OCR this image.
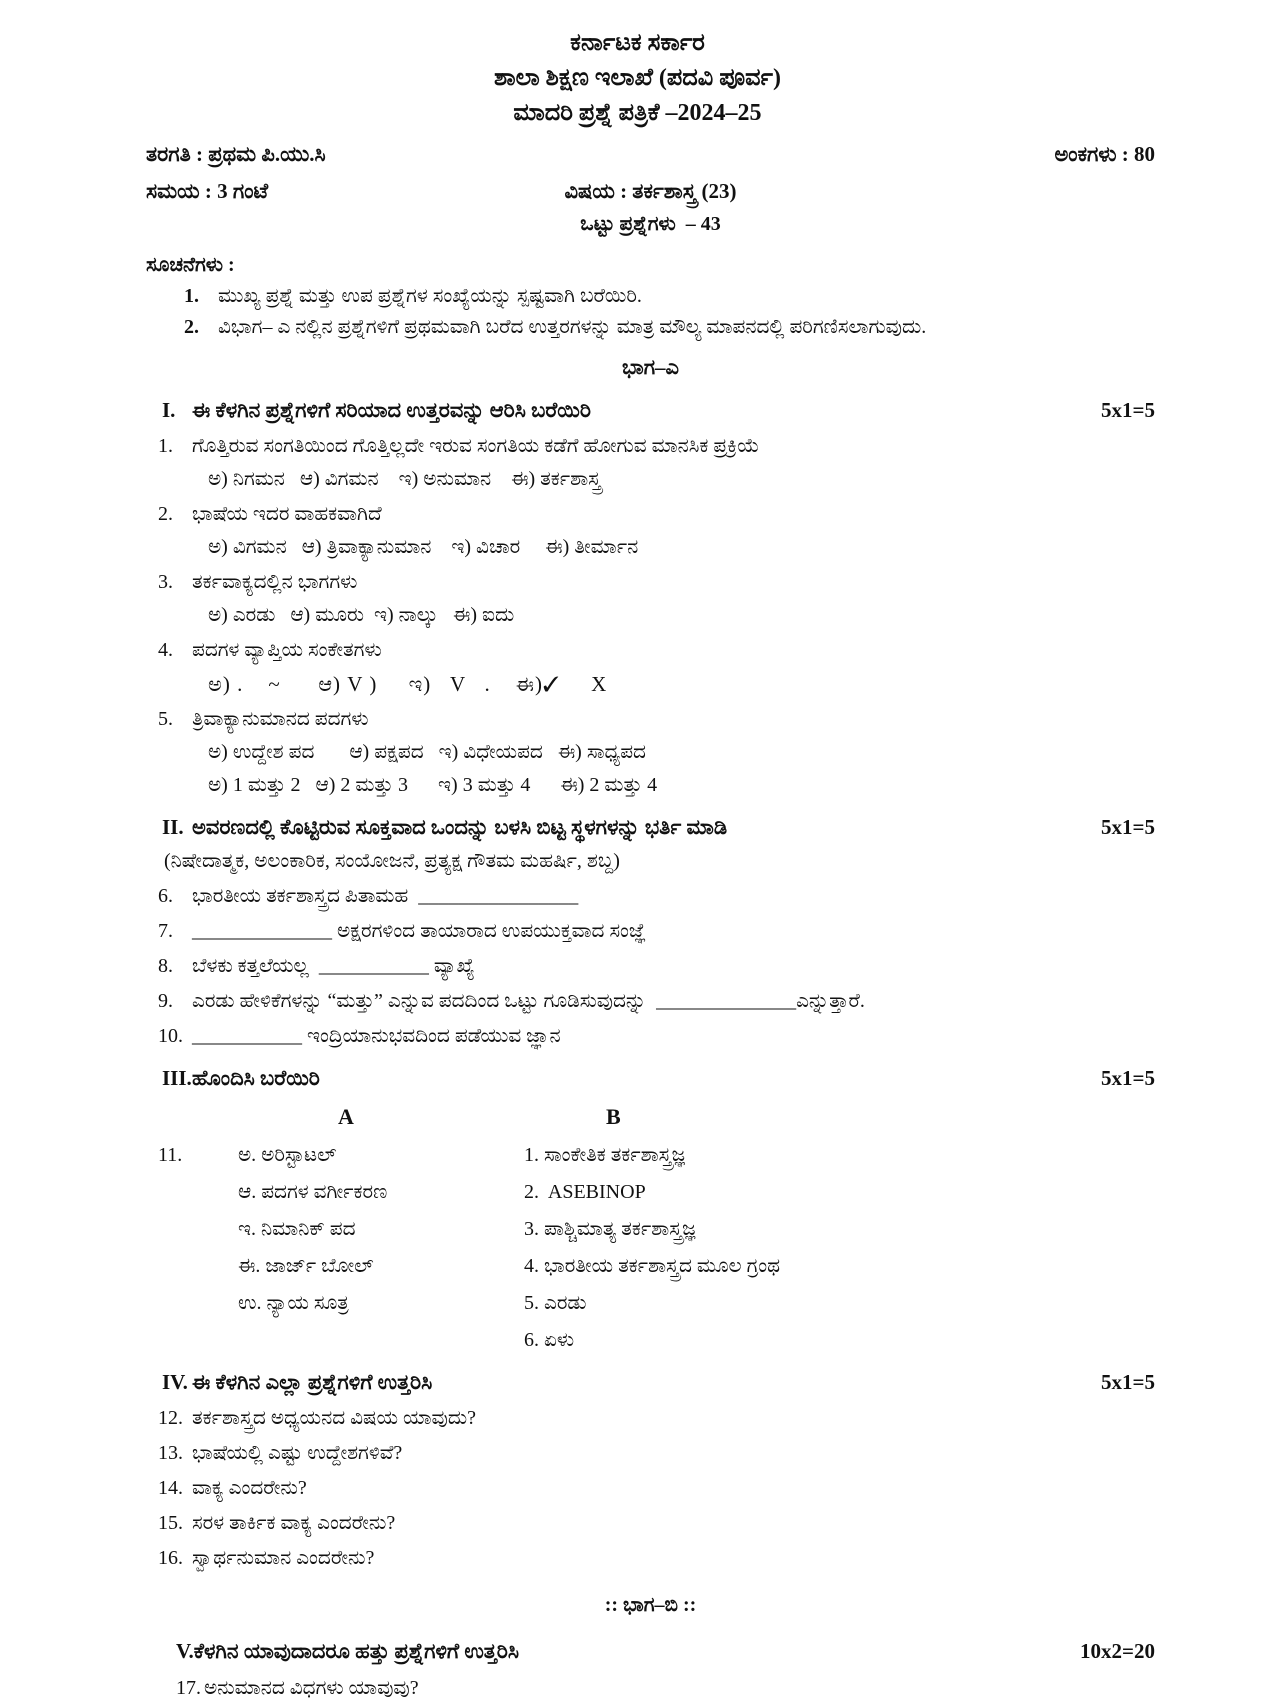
ಕರ್ನಾಟಕ ಸರ್ಕಾರ
ಶಾಲಾ ಶಿಕ್ಷಣ ಇಲಾಖೆ (ಪದವಿ ಪೂರ್ವ)
ಮಾದರಿ ಪ್ರಶ್ನೆ ಪತ್ರಿಕೆ –2024–25
ತರಗತಿ : ಪ್ರಥಮ ಪಿ.ಯು.ಸಿ	ಅಂಕಗಳು : 80
ಸಮಯ : 3 ಗಂಟೆ	ವಿಷಯ : ತರ್ಕಶಾಸ್ತ್ರ (23)
ಒಟ್ಟು ಪ್ರಶ್ನೆಗಳು  – 43
ಸೂಚನೆಗಳು :
1. ಮುಖ್ಯ ಪ್ರಶ್ನೆ ಮತ್ತು ಉಪ ಪ್ರಶ್ನೆಗಳ ಸಂಖ್ಯೆಯನ್ನು ಸ್ಪಷ್ಟವಾಗಿ ಬರೆಯಿರಿ.
2. ವಿಭಾಗ– ಎ ನಲ್ಲಿನ ಪ್ರಶ್ನೆಗಳಿಗೆ ಪ್ರಥಮವಾಗಿ ಬರೆದ ಉತ್ತರಗಳನ್ನು ಮಾತ್ರ ಮೌಲ್ಯ ಮಾಪನದಲ್ಲಿ ಪರಿಗಣಿಸಲಾಗುವುದು.
ಭಾಗ–ಎ
I. ಈ ಕೆಳಗಿನ ಪ್ರಶ್ನೆಗಳಿಗೆ ಸರಿಯಾದ ಉತ್ತರವನ್ನು ಆರಿಸಿ ಬರೆಯಿರಿ	5x1=5
1. ಗೊತ್ತಿರುವ ಸಂಗತಿಯಿಂದ ಗೊತ್ತಿಲ್ಲದೇ ಇರುವ ಸಂಗತಿಯ ಕಡೆಗೆ ಹೋಗುವ ಮಾನಸಿಕ ಪ್ರಕ್ರಿಯೆ
ಅ) ನಿಗಮನ   ಆ) ವಿಗಮನ    ಇ) ಅನುಮಾನ    ಈ) ತರ್ಕಶಾಸ್ತ್ರ
2. ಭಾಷೆಯ ಇದರ ವಾಹಕವಾಗಿದೆ
ಅ) ವಿಗಮನ   ಆ) ತ್ರಿವಾಕ್ಯಾನುಮಾನ    ಇ) ವಿಚಾರ     ಈ) ತೀರ್ಮಾನ
3. ತರ್ಕವಾಕ್ಯದಲ್ಲಿನ ಭಾಗಗಳು
ಅ) ಎರಡು   ಆ) ಮೂರು  ಇ) ನಾಲ್ಕು   ಈ) ಐದು
4. ಪದಗಳ ವ್ಯಾಪ್ತಿಯ ಸಂಕೇತಗಳು
ಅ) .    ~      ಆ) V )     ಇ)   V   .    ಈ)✓     X
5. ತ್ರಿವಾಕ್ಯಾನುಮಾನದ ಪದಗಳು
ಅ) ಉದ್ದೇಶ ಪದ       ಆ) ಪಕ್ಷಪದ   ಇ) ವಿಧೇಯಪದ   ಈ) ಸಾಧ್ಯಪದ
ಅ) 1 ಮತ್ತು 2   ಆ) 2 ಮತ್ತು 3      ಇ) 3 ಮತ್ತು 4      ಈ) 2 ಮತ್ತು 4
II. ಅವರಣದಲ್ಲಿ ಕೊಟ್ಟಿರುವ ಸೂಕ್ತವಾದ ಒಂದನ್ನು ಬಳಸಿ ಬಿಟ್ಟ ಸ್ಥಳಗಳನ್ನು ಭರ್ತಿ ಮಾಡಿ	5x1=5
(ನಿಷೇದಾತ್ಮಕ, ಅಲಂಕಾರಿಕ, ಸಂಯೋಜನೆ, ಪ್ರತ್ಯಕ್ಷ ಗೌತಮ ಮಹರ್ಷಿ, ಶಬ್ದ)
6. ಭಾರತೀಯ ತರ್ಕಶಾಸ್ತ್ರದ ಪಿತಾಮಹ  ________________
7. ______________ ಅಕ್ಷರಗಳಿಂದ ತಾಯಾರಾದ ಉಪಯುಕ್ತವಾದ ಸಂಜ್ಞೆ
8. ಬೆಳಕು ಕತ್ತಲೆಯಲ್ಲ  ___________ ವ್ಯಾಖ್ಯೆ
9. ಎರಡು ಹೇಳಿಕೆಗಳನ್ನು “ಮತ್ತು” ಎನ್ನುವ ಪದದಿಂದ ಒಟ್ಟು ಗೂಡಿಸುವುದನ್ನು  ______________ಎನ್ನುತ್ತಾರೆ.
10. ___________ ಇಂದ್ರಿಯಾನುಭವದಿಂದ ಪಡೆಯುವ ಜ್ಞಾನ
III. ಹೊಂದಿಸಿ ಬರೆಯಿರಿ	5x1=5
A	B
11.	ಅ. ಅರಿಸ್ಟಾಟಲ್	1. ಸಾಂಕೇತಿಕ ತರ್ಕಶಾಸ್ತ್ರಜ್ಞ
ಆ. ಪದಗಳ ವರ್ಗೀಕರಣ	2.  ASEBINOP
ಇ. ನಿಮಾನಿಕ್ ಪದ	3. ಪಾಶ್ಚಿಮಾತ್ಯ ತರ್ಕಶಾಸ್ತ್ರಜ್ಞ
ಈ. ಜಾರ್ಜ್ ಬೋಲ್	4. ಭಾರತೀಯ ತರ್ಕಶಾಸ್ತ್ರದ ಮೂಲ ಗ್ರಂಥ
ಉ. ನ್ಯಾಯ ಸೂತ್ರ	5. ಎರಡು
6. ಏಳು
IV. ಈ ಕೆಳಗಿನ ಎಲ್ಲಾ ಪ್ರಶ್ನೆಗಳಿಗೆ ಉತ್ತರಿಸಿ	5x1=5
12. ತರ್ಕಶಾಸ್ತ್ರದ ಅಧ್ಯಯನದ ವಿಷಯ ಯಾವುದು?
13. ಭಾಷೆಯಲ್ಲಿ ಎಷ್ಟು ಉದ್ದೇಶಗಳಿವೆ?
14. ವಾಕ್ಯ ಎಂದರೇನು?
15. ಸರಳ ತಾರ್ಕಿಕ ವಾಕ್ಯ ಎಂದರೇನು?
16. ಸ್ವಾರ್ಥನುಮಾನ ಎಂದರೇನು?
:: ಭಾಗ–ಬಿ ::
V. ಕೆಳಗಿನ ಯಾವುದಾದರೂ ಹತ್ತು ಪ್ರಶ್ನೆಗಳಿಗೆ ಉತ್ತರಿಸಿ	10x2=20
17. ಅನುಮಾನದ ವಿಧಗಳು ಯಾವುವು?
